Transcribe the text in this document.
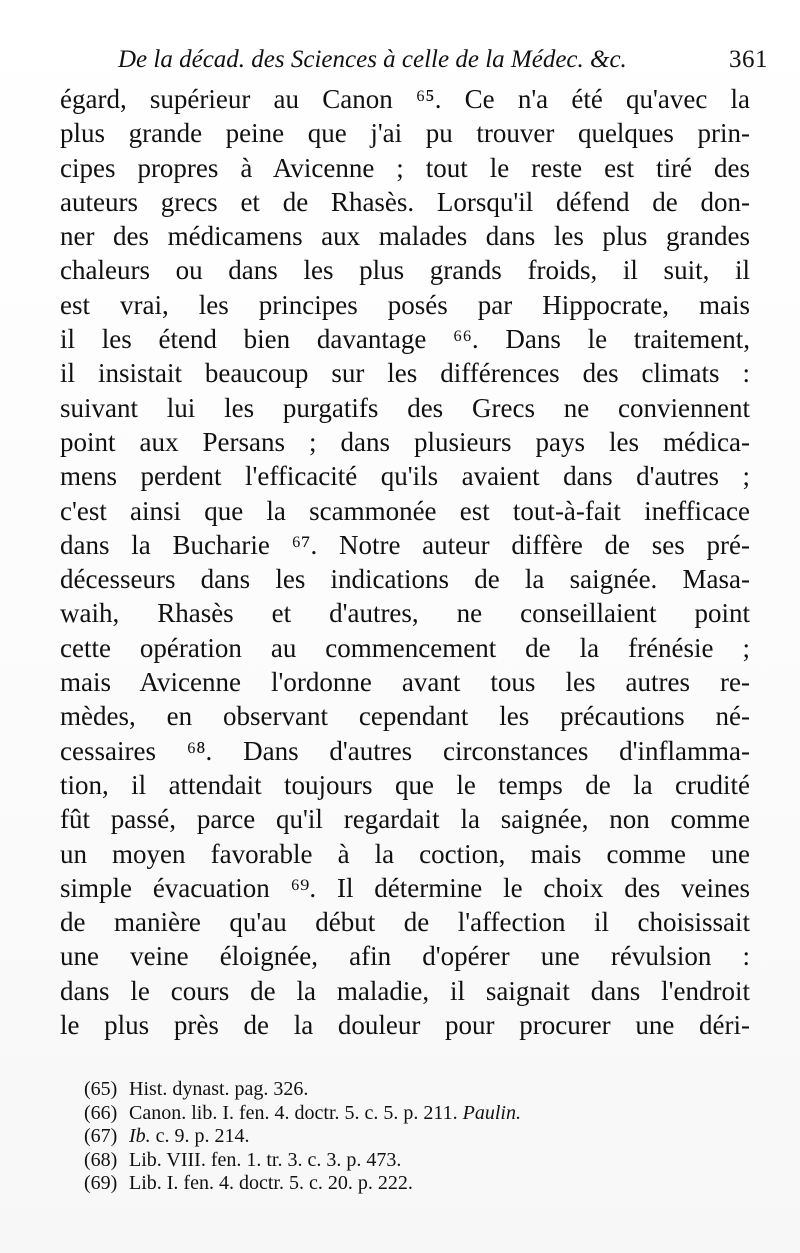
De la décad. des Sciences à celle de la Médec. &c.	361
égard, supérieur au Canon ⁶⁵. Ce n'a été qu'avec la
plus grande peine que j'ai pu trouver quelques prin-
cipes propres à Avicenne ; tout le reste est tiré des
auteurs grecs et de Rhasès. Lorsqu'il défend de don-
ner des médicamens aux malades dans les plus grandes
chaleurs ou dans les plus grands froids, il suit, il
est vrai, les principes posés par Hippocrate, mais
il les étend bien davantage ⁶⁶. Dans le traitement,
il insistait beaucoup sur les différences des climats :
suivant lui les purgatifs des Grecs ne conviennent
point aux Persans ; dans plusieurs pays les médica-
mens perdent l'efficacité qu'ils avaient dans d'autres ;
c'est ainsi que la scammonée est tout-à-fait inefficace
dans la Bucharie ⁶⁷. Notre auteur diffère de ses pré-
décesseurs dans les indications de la saignée. Masa-
waih, Rhasès et d'autres, ne conseillaient point
cette opération au commencement de la frénésie ;
mais Avicenne l'ordonne avant tous les autres re-
mèdes, en observant cependant les précautions né-
cessaires ⁶⁸. Dans d'autres circonstances d'inflamma-
tion, il attendait toujours que le temps de la crudité
fût passé, parce qu'il regardait la saignée, non comme
un moyen favorable à la coction, mais comme une
simple évacuation ⁶⁹. Il détermine le choix des veines
de manière qu'au début de l'affection il choisissait
une veine éloignée, afin d'opérer une révulsion :
dans le cours de la maladie, il saignait dans l'endroit
le plus près de la douleur pour procurer une déri-
(65) Hist. dynast. pag. 326.
(66) Canon. lib. I. fen. 4. doctr. 5. c. 5. p. 211. Paulin.
(67) Ib. c. 9. p. 214.
(68) Lib. VIII. fen. 1. tr. 3. c. 3. p. 473.
(69) Lib. I. fen. 4. doctr. 5. c. 20. p. 222.
